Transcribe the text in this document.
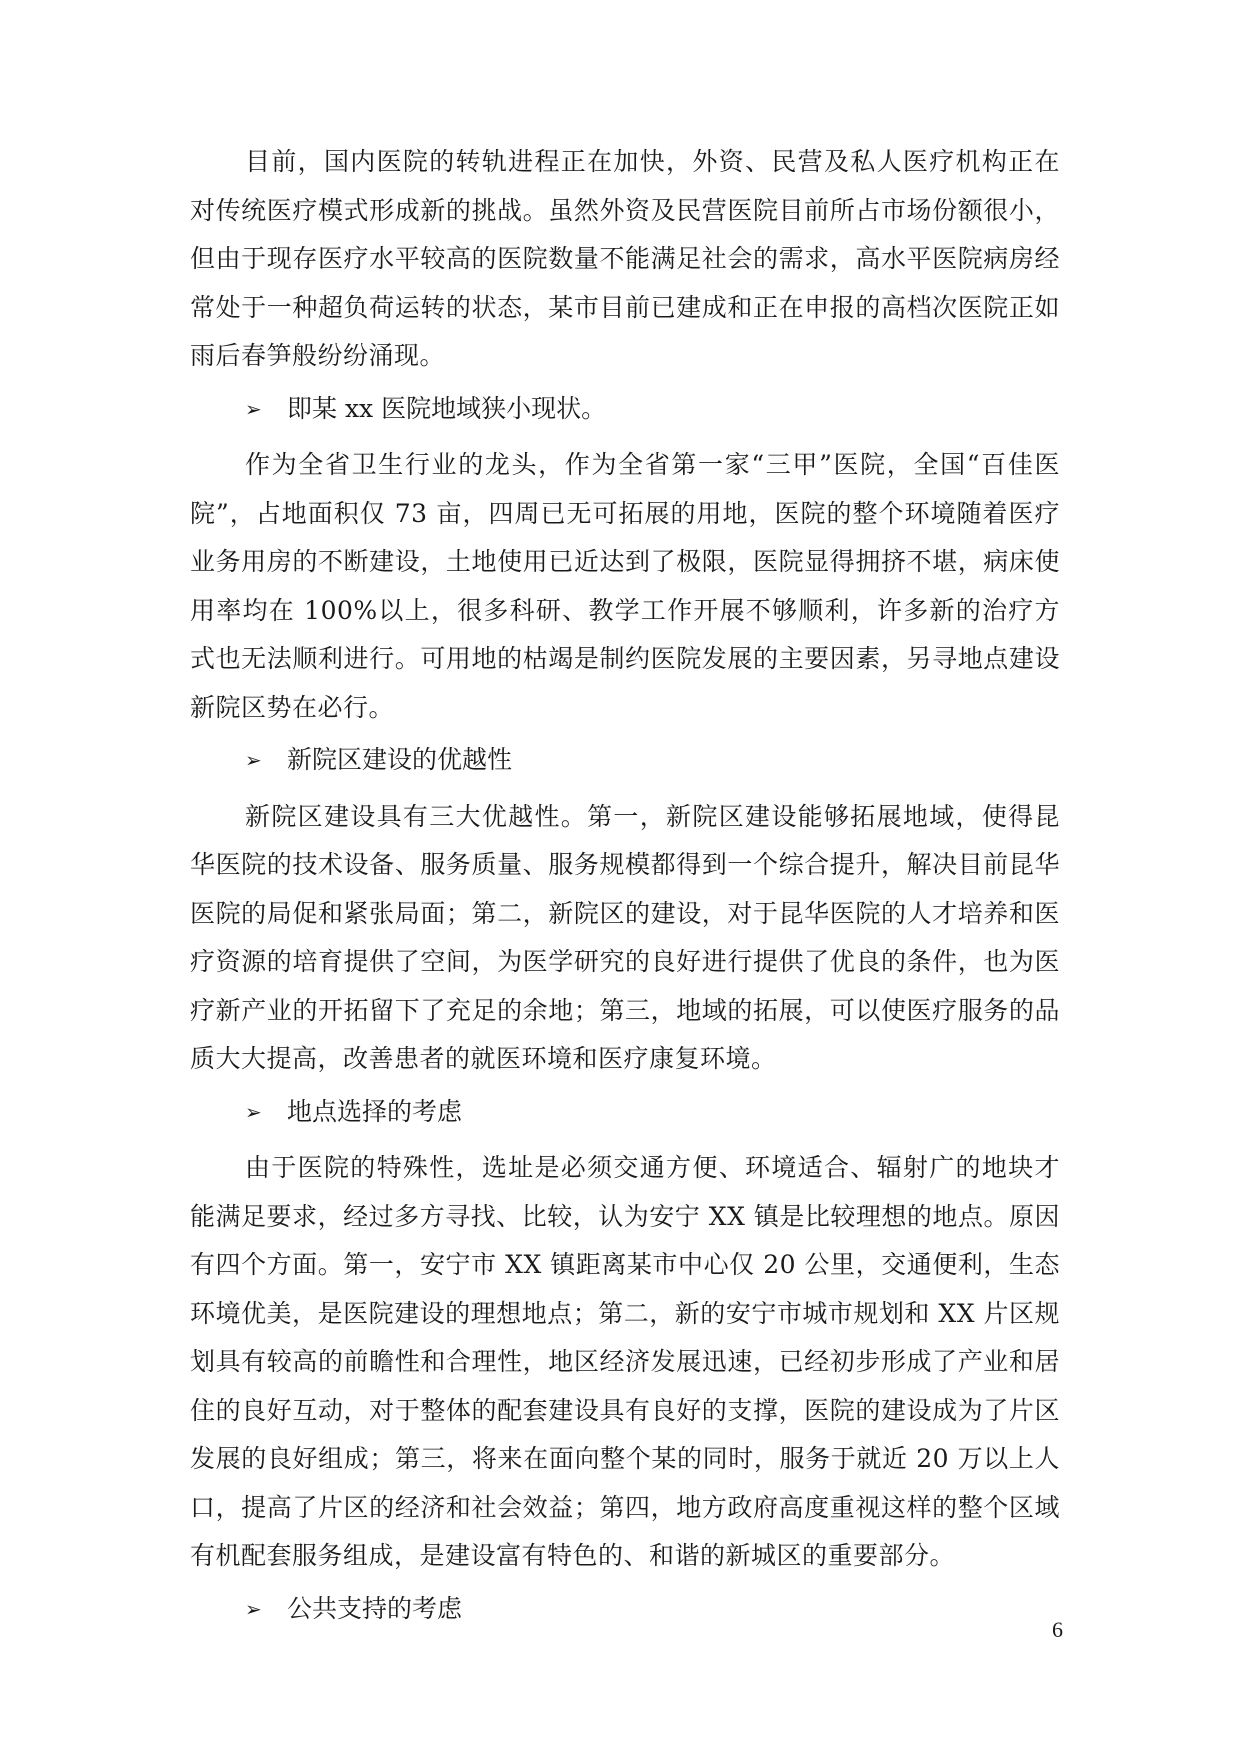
目前，国内医院的转轨进程正在加快，外资、民营及私人医疗机构正在对传统医疗模式形成新的挑战。虽然外资及民营医院目前所占市场份额很小，但由于现存医疗水平较高的医院数量不能满足社会的需求，高水平医院病房经常处于一种超负荷运转的状态，某市目前已建成和正在申报的高档次医院正如雨后春笋般纷纷涌现。

➢	即某 xx 医院地域狭小现状。

作为全省卫生行业的龙头，作为全省第一家“三甲”医院，全国“百佳医院”，占地面积仅 73 亩，四周已无可拓展的用地，医院的整个环境随着医疗业务用房的不断建设，土地使用已近达到了极限，医院显得拥挤不堪，病床使用率均在 100%以上，很多科研、教学工作开展不够顺利，许多新的治疗方式也无法顺利进行。可用地的枯竭是制约医院发展的主要因素，另寻地点建设新院区势在必行。

➢	新院区建设的优越性

新院区建设具有三大优越性。第一，新院区建设能够拓展地域，使得昆华医院的技术设备、服务质量、服务规模都得到一个综合提升，解决目前昆华医院的局促和紧张局面；第二，新院区的建设，对于昆华医院的人才培养和医疗资源的培育提供了空间，为医学研究的良好进行提供了优良的条件，也为医疗新产业的开拓留下了充足的余地；第三，地域的拓展，可以使医疗服务的品质大大提高，改善患者的就医环境和医疗康复环境。

➢	地点选择的考虑

由于医院的特殊性，选址是必须交通方便、环境适合、辐射广的地块才能满足要求，经过多方寻找、比较，认为安宁 XX 镇是比较理想的地点。原因有四个方面。第一，安宁市 XX 镇距离某市中心仅 20 公里，交通便利，生态环境优美，是医院建设的理想地点；第二，新的安宁市城市规划和 XX 片区规划具有较高的前瞻性和合理性，地区经济发展迅速，已经初步形成了产业和居住的良好互动，对于整体的配套建设具有良好的支撑，医院的建设成为了片区发展的良好组成；第三，将来在面向整个某的同时，服务于就近 20 万以上人口，提高了片区的经济和社会效益；第四，地方政府高度重视这样的整个区域有机配套服务组成，是建设富有特色的、和谐的新城区的重要部分。

➢	公共支持的考虑
6
